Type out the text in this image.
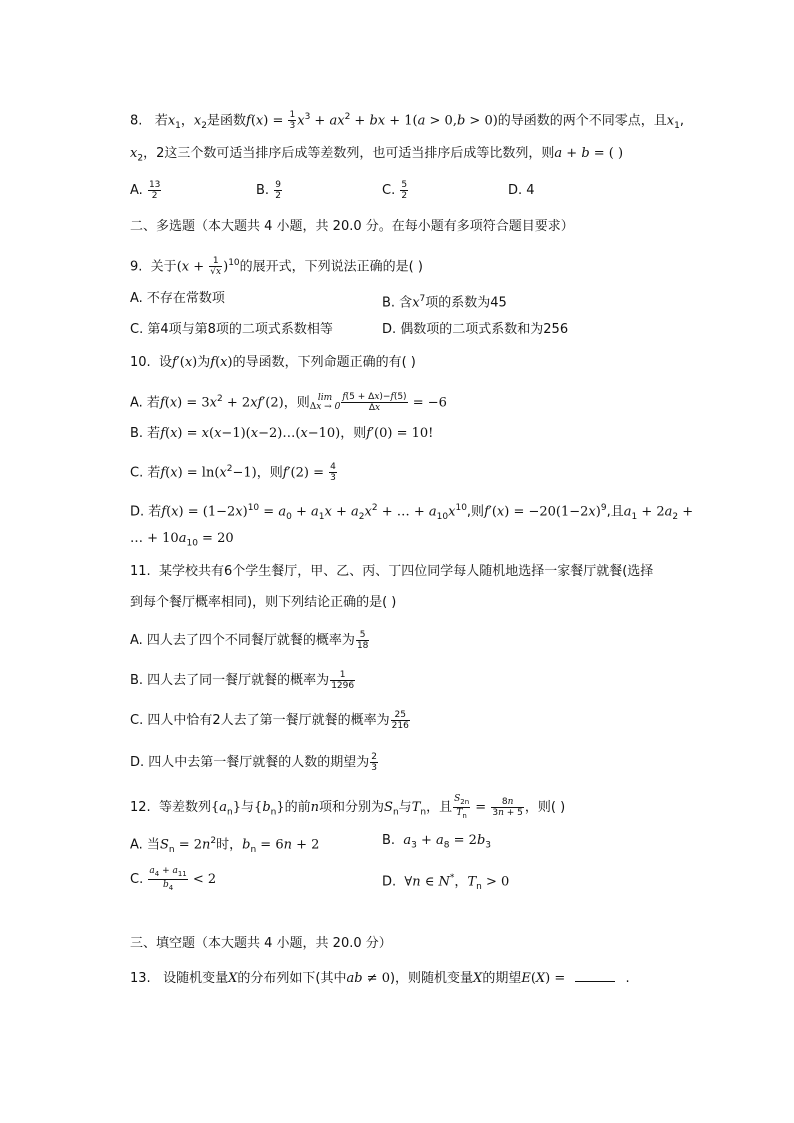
8. 若$x_1$，$x_2$是函数$f(x) = \frac{1}{3} x^3 + ax^2$ + bx + 1(a > 0,b > 0)的导函数的两个不同零点，且$x_1$,
$x_2$，2这三个数可适当排序后成等差数列，也可适当排序后成等比数列，则a + b = ( )
A. $\frac{13}{2}$	B. $\frac{9}{2}$	C. $\frac{5}{2}$	D. 4
二、多选题（本大题共 4 小题，共 20.0 分。在每小题有多项符合题目要求）
9. 关于$(x + \frac{1}{√x} )^{10}$的展开式，下列说法正确的是( )
A. 不存在常数项	B. 含$x^7$项的系数为45
C. 第4项与第8项的二项式系数相等	D. 偶数项的二项式系数和为256
10. 设f′(x)为f(x)的导函数，下列命题正确的有( )
A. 若$f(x) = 3x^2 + 2xf'(2)$，则 lim
$\Delta x \to 0 \frac{f(5 + \Delta x)-f(5)}{\Delta x} = -6$
B. 若f(x) = x(x−1)(x−2)…(x−10)，则f′(0) = 10!
C. 若$f(x) = \ln(x^2-1)$，则$f'(2) = \frac{4}{3}$
D. 若$f(x) = (1-2x)^{10} = a_0 + a_1x + a_2x^2$ + … + $a_{10}x^{10}$,则$f'(x) = -20(1-2x)^9$,且$a_1 + 2a_2$ +
… + $10a_{10} = 20$
11. 某学校共有6个学生餐厅，甲、乙、丙、丁四位同学每人随机地选择一家餐厅就餐(选择
到每个餐厅概率相同)，则下列结论正确的是( )
A. 四人去了四个不同餐厅就餐的概率为 $\frac{5}{18}$
B. 四人去了同一餐厅就餐的概率为 $\frac{1}{1296}$
C. 四人中恰有2人去了第一餐厅就餐的概率为 $\frac{25}{216}$
D. 四人中去第一餐厅就餐的人数的期望为 $\frac{2}{3}$
12. 等差数列$\{a_n\}$与$\{b_n\}$的前n项和分别为$S_n$与$T_n$，且 $\frac{S_{2n}}{T_n} = \frac{8n}{3n + 5}$ ，则( )
A. 当$S_n = 2n^2$时，$b_n = 6n + 2$	B. $a_3 + a_8 = 2b_3$
C. $\frac{a_4 + a_{11}}{b_4} < 2$	D. ∀n ∈ N*，$T_n > 0$
三、填空题（本大题共 4 小题，共 20.0 分）
13. 设随机变量X的分布列如下(其中ab ≠ 0)，则随机变量X的期望E(X) =	.
